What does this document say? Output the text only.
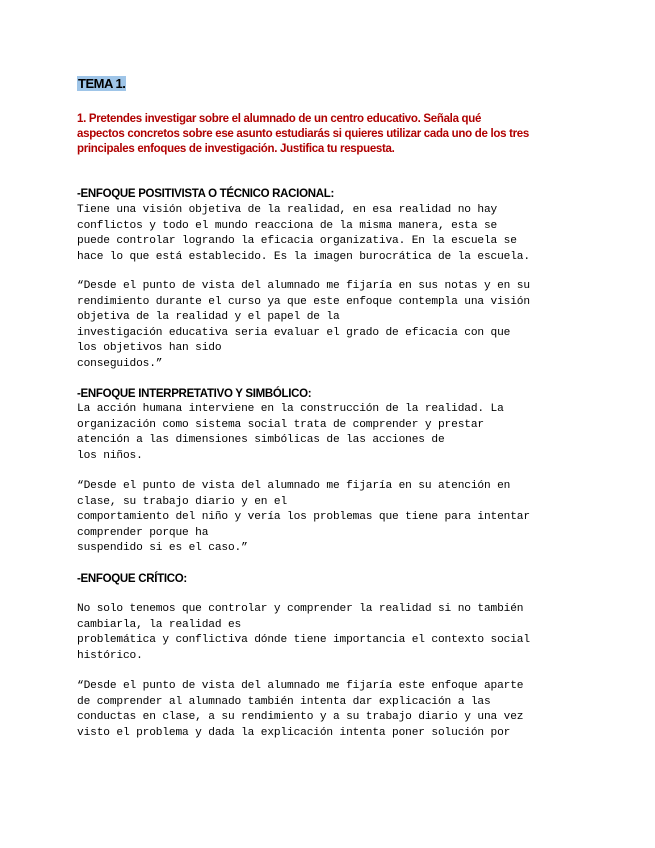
TEMA 1.
1. Pretendes investigar sobre el alumnado de un centro educativo. Señala qué
aspectos concretos sobre ese asunto estudiarás si quieres utilizar cada uno de los tres
principales enfoques de investigación. Justifica tu respuesta.
-ENFOQUE POSITIVISTA O TÉCNICO RACIONAL:
Tiene una visión objetiva de la realidad, en esa realidad no hay
conflictos y todo el mundo reacciona de la misma manera, esta se
puede controlar logrando la eficacia organizativa. En la escuela se
hace lo que está establecido. Es la imagen burocrática de la escuela.
“Desde el punto de vista del alumnado me fijaría en sus notas y en su
rendimiento durante el curso ya que este enfoque contempla una visión
objetiva de la realidad y el papel de la
investigación educativa seria evaluar el grado de eficacia con que
los objetivos han sido
conseguidos.”
-ENFOQUE INTERPRETATIVO Y SIMBÓLICO:
La acción humana interviene en la construcción de la realidad. La
organización como sistema social trata de comprender y prestar
atención a las dimensiones simbólicas de las acciones de
los niños.
“Desde el punto de vista del alumnado me fijaría en su atención en
clase, su trabajo diario y en el
comportamiento del niño y vería los problemas que tiene para intentar
comprender porque ha
suspendido si es el caso.”
-ENFOQUE CRÍTICO:
No solo tenemos que controlar y comprender la realidad si no también
cambiarla, la realidad es
problemática y conflictiva dónde tiene importancia el contexto social
histórico.
“Desde el punto de vista del alumnado me fijaría este enfoque aparte
de comprender al alumnado también intenta dar explicación a las
conductas en clase, a su rendimiento y a su trabajo diario y una vez
visto el problema y dada la explicación intenta poner solución por
